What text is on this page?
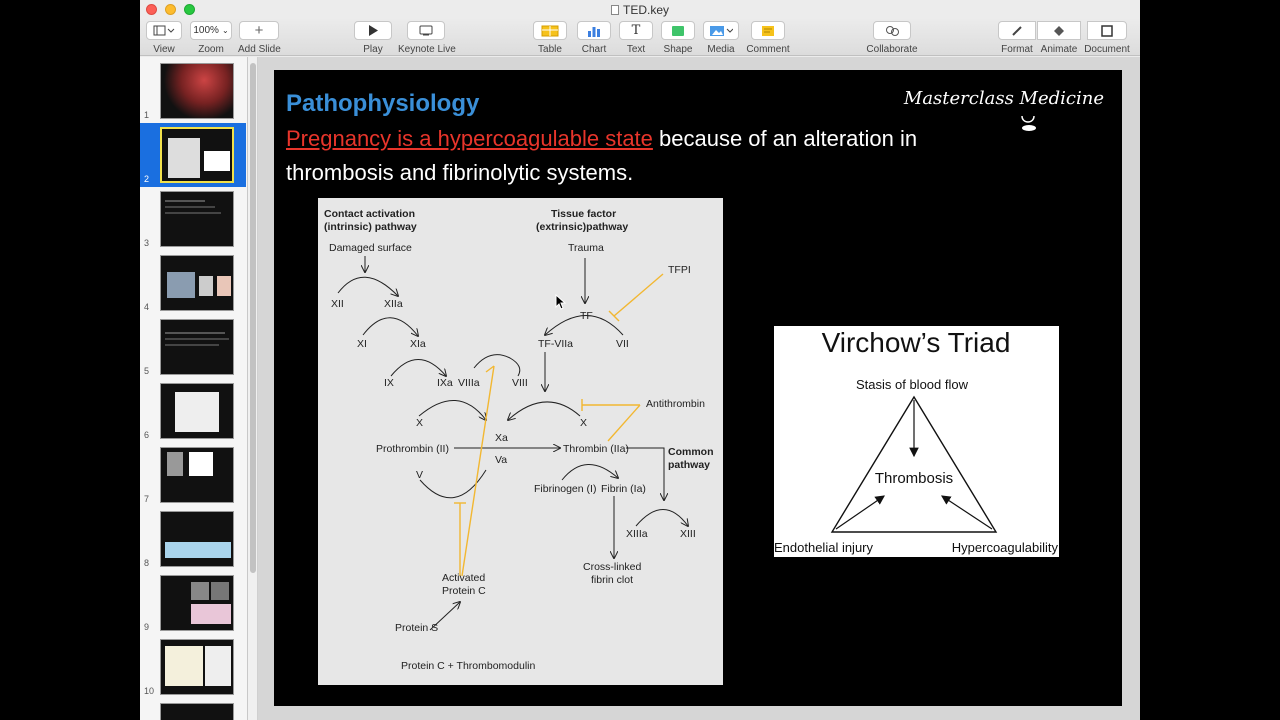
TED.key
View
100% ⌄
Zoom
+
Add Slide	Play	Keynote Live	Table	Chart
T
Text	Shape	Media	Comment	Collaborate	Format Animate Document
1
2
3
4
5
6
7
8
9
10
Pathophysiology
Pregnancy is a hypercoagulable state because of an alteration in
thrombosis and fibrinolytic systems.
Masterclass Medicine
Contact activation
(intrinsic) pathway
Tissue factor
(extrinsic)pathway
Damaged surface	Trauma
TFPI
XII	XIIa
TF
XI	XIa	TF-VIIa	VII
IX	IXa VIIIa	VIII
Antithrombin
X	X
Xa
Prothrombin (II)	Thrombin (IIa)	Common
pathway
Va
V
Fibrinogen (I) Fibrin (Ia)
XIIIa	XIII
Cross-linked
fibrin clot
Activated
Protein C
Protein S
Protein C + Thrombomodulin
Virchow’s Triad
Stasis of blood flow
Thrombosis
Endothelial injury	Hypercoagulability
